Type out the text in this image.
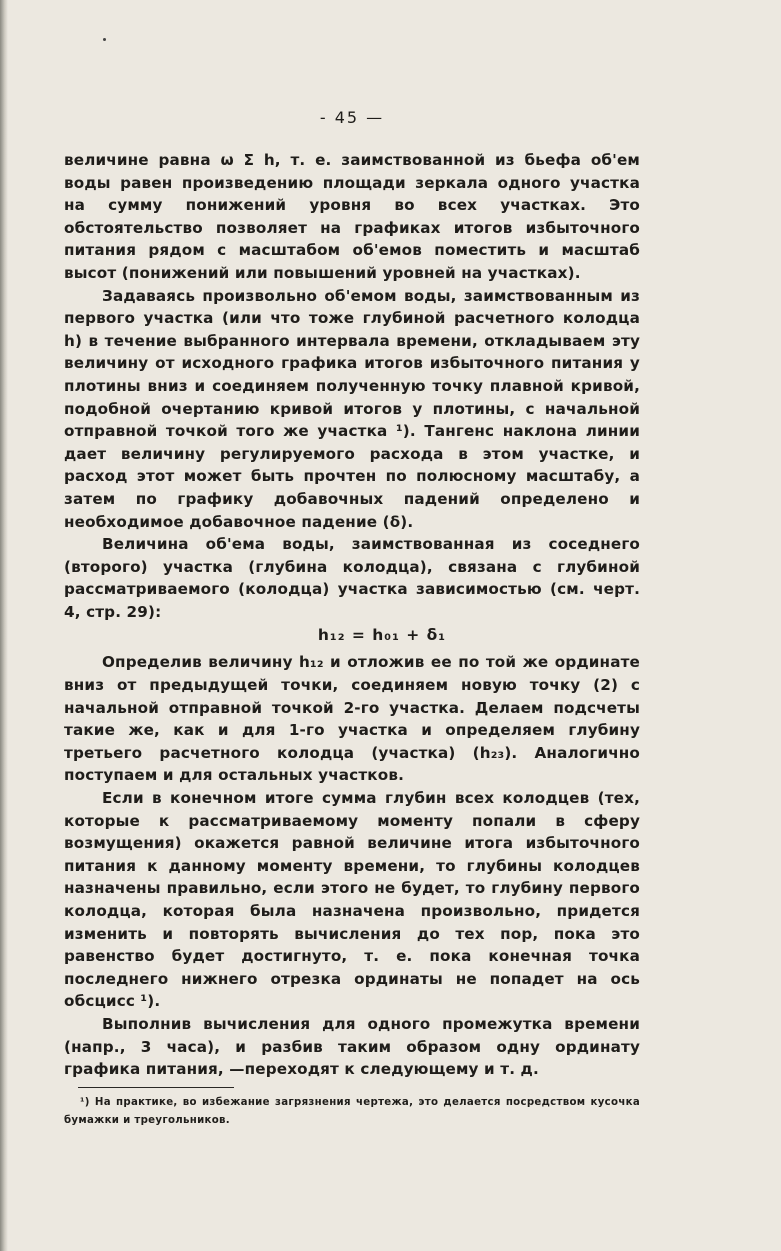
- 45 —

величине равна ω Σ h, т. е. заимствованной из бьефа об'ем воды равен произведению площади зеркала одного участка на сумму понижений уровня во всех участках. Это обстоятельство позволяет на графиках итогов избыточного питания рядом с масштабом об'емов поместить и масштаб высот (понижений или повышений уровней на участках).

Задаваясь произвольно об'емом воды, заимствованным из первого участка (или что тоже глубиной расчетного колодца h) в течение выбранного интервала времени, откладываем эту величину от исходного графика итогов избыточного питания у плотины вниз и соединяем полученную точку плавной кривой, подобной очертанию кривой итогов у плотины, с начальной отправной точкой того же участка ¹). Тангенс наклона линии дает величину регулируемого расхода в этом участке, и расход этот может быть прочтен по полюсному масштабу, а затем по графику добавочных падений определено и необходимое добавочное падение (δ).

Величина об'ема воды, заимствованная из соседнего (второго) участка (глубина колодца), связана с глубиной рассматриваемого (колодца) участка зависимостью (см. черт. 4, стр. 29):

h₁₂ = h₀₁ + δ₁

Определив величину h₁₂ и отложив ее по той же ординате вниз от предыдущей точки, соединяем новую точку (2) с начальной отправной точкой 2-го участка. Делаем подсчеты такие же, как и для 1-го участка и определяем глубину третьего расчетного колодца (участка) (h₂₃). Аналогично поступаем и для остальных участков.

Если в конечном итоге сумма глубин всех колодцев (тех, которые к рассматриваемому моменту попали в сферу возмущения) окажется равной величине итога избыточного питания к данному моменту времени, то глубины колодцев назначены правильно, если этого не будет, то глубину первого колодца, которая была назначена произвольно, придется изменить и повторять вычисления до тех пор, пока это равенство будет достигнуто, т. е. пока конечная точка последнего нижнего отрезка ординаты не попадет на ось обсцисс ¹).

Выполнив вычисления для одного промежутка времени (напр., 3 часа), и разбив таким образом одну ординату графика питания, —переходят к следующему и т. д.

¹) На практике, во избежание загрязнения чертежа, это делается посредством кусочка бумажки и треугольников.
